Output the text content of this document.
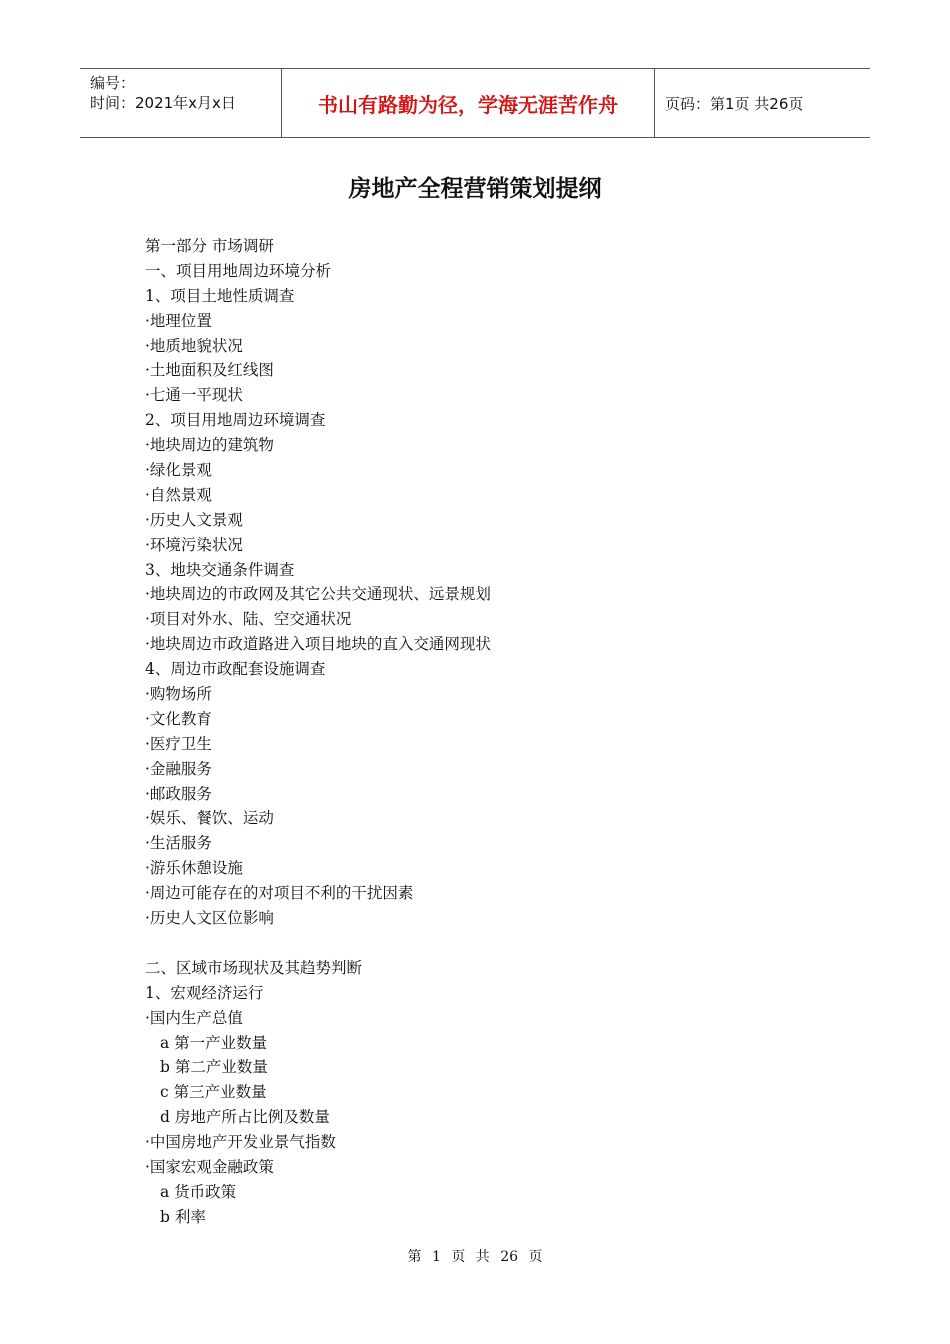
编号：
时间：2021年x月x日	书山有路勤为径，学海无涯苦作舟	页码：第1页 共26页
房地产全程营销策划提纲
第一部分 市场调研
一、项目用地周边环境分析
1、项目土地性质调查
·地理位置
·地质地貌状况
·土地面积及红线图
·七通一平现状
2、项目用地周边环境调查
·地块周边的建筑物
·绿化景观
·自然景观
·历史人文景观
·环境污染状况
3、地块交通条件调查
·地块周边的市政网及其它公共交通现状、远景规划
·项目对外水、陆、空交通状况
·地块周边市政道路进入项目地块的直入交通网现状
4、周边市政配套设施调查
·购物场所
·文化教育
·医疗卫生
·金融服务
·邮政服务
·娱乐、餐饮、运动
·生活服务
·游乐休憩设施
·周边可能存在的对项目不利的干扰因素
·历史人文区位影响
二、区域市场现状及其趋势判断
1、宏观经济运行
·国内生产总值
a 第一产业数量
b 第二产业数量
c 第三产业数量
d 房地产所占比例及数量
·中国房地产开发业景气指数
·国家宏观金融政策
a 货币政策
b 利率
第 1 页 共 26 页
